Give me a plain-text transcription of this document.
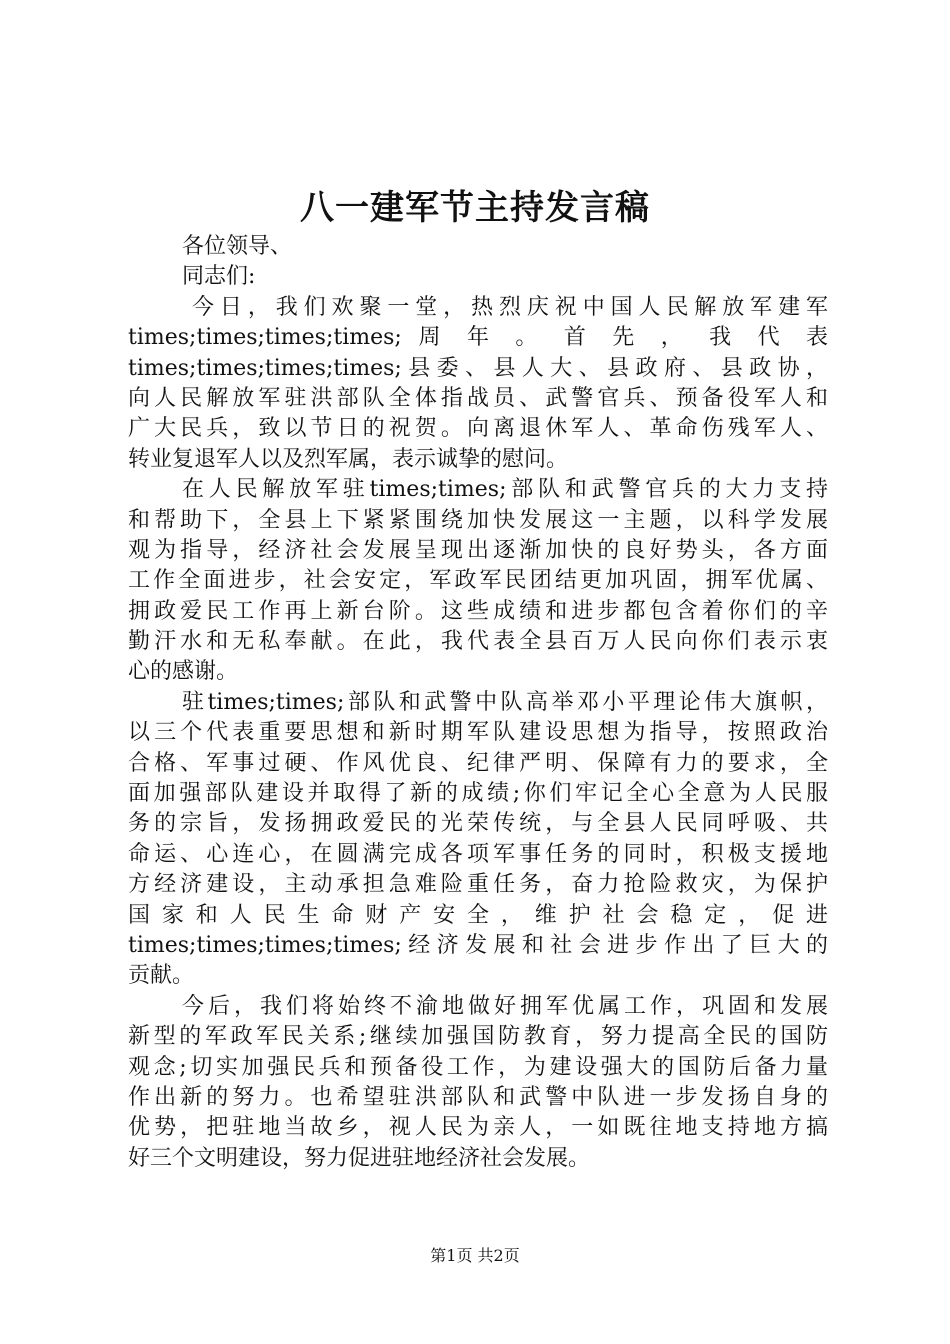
八一建军节主持发言稿
各位领导、
同志们:
今日，我们欢聚一堂，热烈庆祝中国人民解放军建军
times;times;times;times; 周 年 。 首 先 ， 我 代 表
times;times;times;times;县委、县人大、县政府、县政协，
向人民解放军驻洪部队全体指战员、武警官兵、预备役军人和
广大民兵，致以节日的祝贺。向离退休军人、革命伤残军人、
转业复退军人以及烈军属，表示诚挚的慰问。
在人民解放军驻times;times;部队和武警官兵的大力支持
和帮助下，全县上下紧紧围绕加快发展这一主题，以科学发展
观为指导，经济社会发展呈现出逐渐加快的良好势头，各方面
工作全面进步，社会安定，军政军民团结更加巩固，拥军优属、
拥政爱民工作再上新台阶。这些成绩和进步都包含着你们的辛
勤汗水和无私奉献。在此，我代表全县百万人民向你们表示衷
心的感谢。
驻times;times;部队和武警中队高举邓小平理论伟大旗帜，
以三个代表重要思想和新时期军队建设思想为指导，按照政治
合格、军事过硬、作风优良、纪律严明、保障有力的要求，全
面加强部队建设并取得了新的成绩;你们牢记全心全意为人民服
务的宗旨，发扬拥政爱民的光荣传统，与全县人民同呼吸、共
命运、心连心，在圆满完成各项军事任务的同时，积极支援地
方经济建设，主动承担急难险重任务，奋力抢险救灾，为保护
国 家 和 人 民 生 命 财 产 安 全 ， 维 护 社 会 稳 定 ， 促 进
times;times;times;times;经济发展和社会进步作出了巨大的
贡献。
今后，我们将始终不渝地做好拥军优属工作，巩固和发展
新型的军政军民关系;继续加强国防教育，努力提高全民的国防
观念;切实加强民兵和预备役工作，为建设强大的国防后备力量
作出新的努力。也希望驻洪部队和武警中队进一步发扬自身的
优势，把驻地当故乡，视人民为亲人，一如既往地支持地方搞
好三个文明建设，努力促进驻地经济社会发展。
第1页 共2页
